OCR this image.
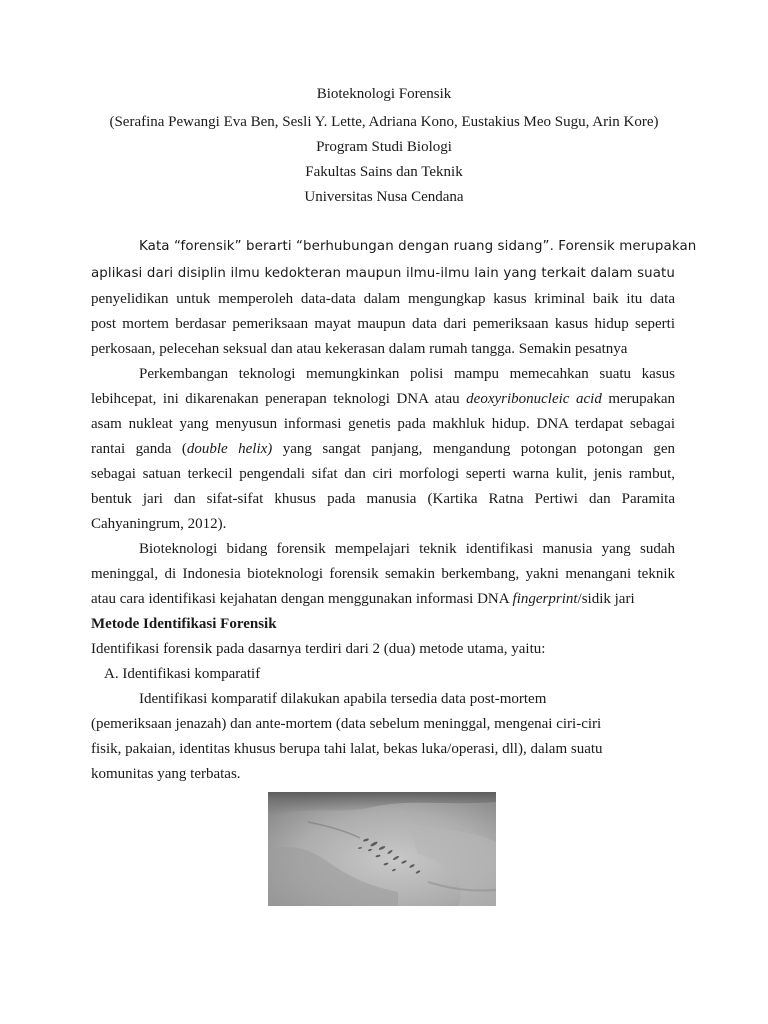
Bioteknologi Forensik
(Serafina Pewangi Eva Ben, Sesli Y. Lette, Adriana Kono, Eustakius Meo Sugu, Arin Kore)
Program Studi Biologi
Fakultas Sains dan Teknik
Universitas Nusa Cendana
Kata “forensik” berarti “berhubungan dengan ruang sidang”. Forensik merupakan
aplikasi dari disiplin ilmu kedokteran maupun ilmu-ilmu lain yang terkait dalam suatu
penyelidikan untuk memperoleh data-data dalam mengungkap kasus kriminal baik itu data
post mortem berdasar pemeriksaan mayat maupun data dari pemeriksaan kasus hidup seperti
perkosaan, pelecehan seksual dan atau kekerasan dalam rumah tangga. Semakin pesatnya
Perkembangan teknologi memungkinkan polisi mampu memecahkan suatu kasus
lebihcepat, ini dikarenakan penerapan teknologi DNA atau deoxyribonucleic acid merupakan
asam nukleat yang menyusun informasi genetis pada makhluk hidup. DNA terdapat sebagai
rantai ganda (double helix) yang sangat panjang, mengandung potongan potongan gen
sebagai satuan terkecil pengendali sifat dan ciri morfologi seperti warna kulit, jenis rambut,
bentuk jari dan sifat-sifat khusus pada manusia (Kartika Ratna Pertiwi dan Paramita
Cahyaningrum, 2012).
Bioteknologi bidang forensik mempelajari teknik identifikasi manusia yang sudah
meninggal, di Indonesia bioteknologi forensik semakin berkembang, yakni menangani teknik
atau cara identifikasi kejahatan dengan menggunakan informasi DNA fingerprint/sidik jari
Metode Identifikasi Forensik
Identifikasi forensik pada dasarnya terdiri dari 2 (dua) metode utama, yaitu:
A. Identifikasi komparatif
Identifikasi komparatif dilakukan apabila tersedia data post-mortem
(pemeriksaan jenazah) dan ante-mortem (data sebelum meninggal, mengenai ciri-ciri
fisik, pakaian, identitas khusus berupa tahi lalat, bekas luka/operasi, dll), dalam suatu
komunitas yang terbatas.
